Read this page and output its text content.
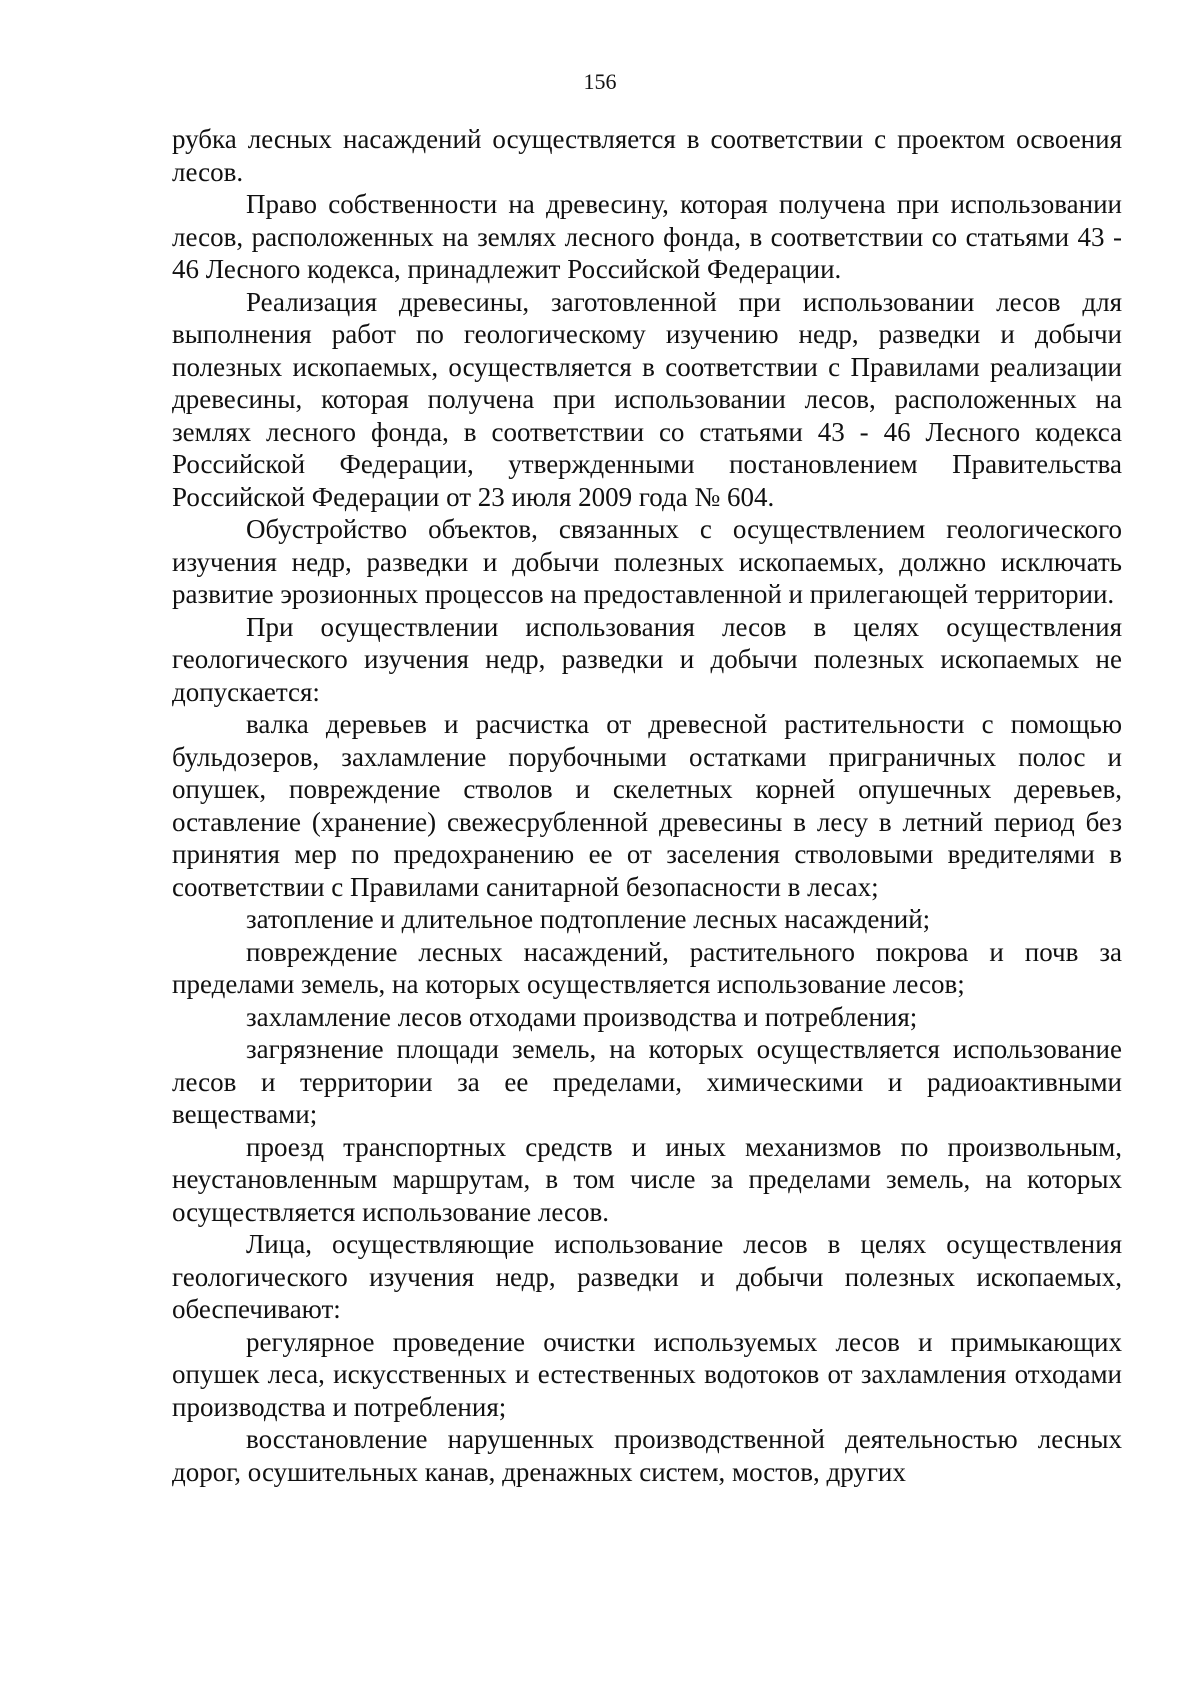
156

рубка лесных насаждений осуществляется в соответствии с проектом освоения лесов.

Право собственности на древесину, которая получена при использовании лесов, расположенных на землях лесного фонда, в соответствии со статьями 43 - 46 Лесного кодекса, принадлежит Российской Федерации.

Реализация древесины, заготовленной при использовании лесов для выполнения работ по геологическому изучению недр, разведки и добычи полезных ископаемых, осуществляется в соответствии с Правилами реализации древесины, которая получена при использовании лесов, расположенных на землях лесного фонда, в соответствии со статьями 43 - 46 Лесного кодекса Российской Федерации, утвержденными постановлением Правительства Российской Федерации от 23 июля 2009 года № 604.

Обустройство объектов, связанных с осуществлением геологического изучения недр, разведки и добычи полезных ископаемых, должно исключать развитие эрозионных процессов на предоставленной и прилегающей территории.

При осуществлении использования лесов в целях осуществления геологического изучения недр, разведки и добычи полезных ископаемых не допускается:

валка деревьев и расчистка от древесной растительности с помощью бульдозеров, захламление порубочными остатками приграничных полос и опушек, повреждение стволов и скелетных корней опушечных деревьев, оставление (хранение) свежесрубленной древесины в лесу в летний период без принятия мер по предохранению ее от заселения стволовыми вредителями в соответствии с Правилами санитарной безопасности в лесах;

затопление и длительное подтопление лесных насаждений;

повреждение лесных насаждений, растительного покрова и почв за пределами земель, на которых осуществляется использование лесов;

захламление лесов отходами производства и потребления;

загрязнение площади земель, на которых осуществляется использование лесов и территории за ее пределами, химическими и радиоактивными веществами;

проезд транспортных средств и иных механизмов по произвольным, неустановленным маршрутам, в том числе за пределами земель, на которых осуществляется использование лесов.

Лица, осуществляющие использование лесов в целях осуществления геологического изучения недр, разведки и добычи полезных ископаемых, обеспечивают:

регулярное проведение очистки используемых лесов и примыкающих опушек леса, искусственных и естественных водотоков от захламления отходами производства и потребления;

восстановление нарушенных производственной деятельностью лесных дорог, осушительных канав, дренажных систем, мостов, других
